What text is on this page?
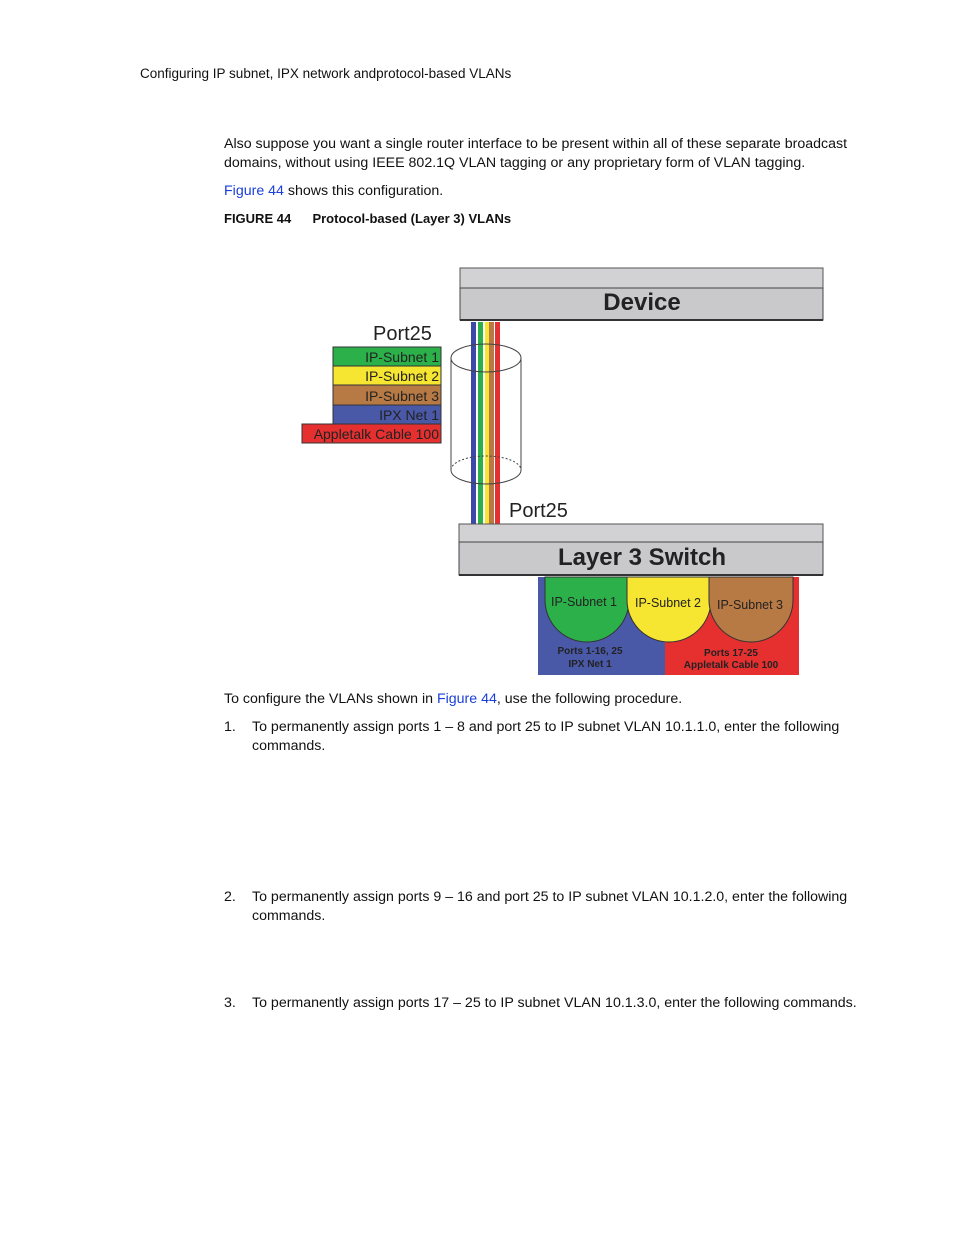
Configuring IP subnet, IPX network andprotocol-based VLANs
Also suppose you want a single router interface to be present within all of these separate broadcast domains, without using IEEE 802.1Q VLAN tagging or any proprietary form of VLAN tagging.
Figure 44 shows this configuration.
FIGURE 44 Protocol-based (Layer 3) VLANs
Device
Port25
Port25
IP-Subnet 1
IP-Subnet 2
IP-Subnet 3
IPX Net 1
Appletalk Cable 100
Layer 3 Switch
IP-Subnet 1 IP-Subnet 2 IP-Subnet 3
Ports 1-16, 25
IPX Net 1
Ports 17-25
Appletalk Cable 100
To configure the VLANs shown in Figure 44, use the following procedure.
1.	To permanently assign ports 1 – 8 and port 25 to IP subnet VLAN 10.1.1.0, enter the following commands.
2.	To permanently assign ports 9 – 16 and port 25 to IP subnet VLAN 10.1.2.0, enter the following commands.
3.	To permanently assign ports 17 – 25 to IP subnet VLAN 10.1.3.0, enter the following commands.
